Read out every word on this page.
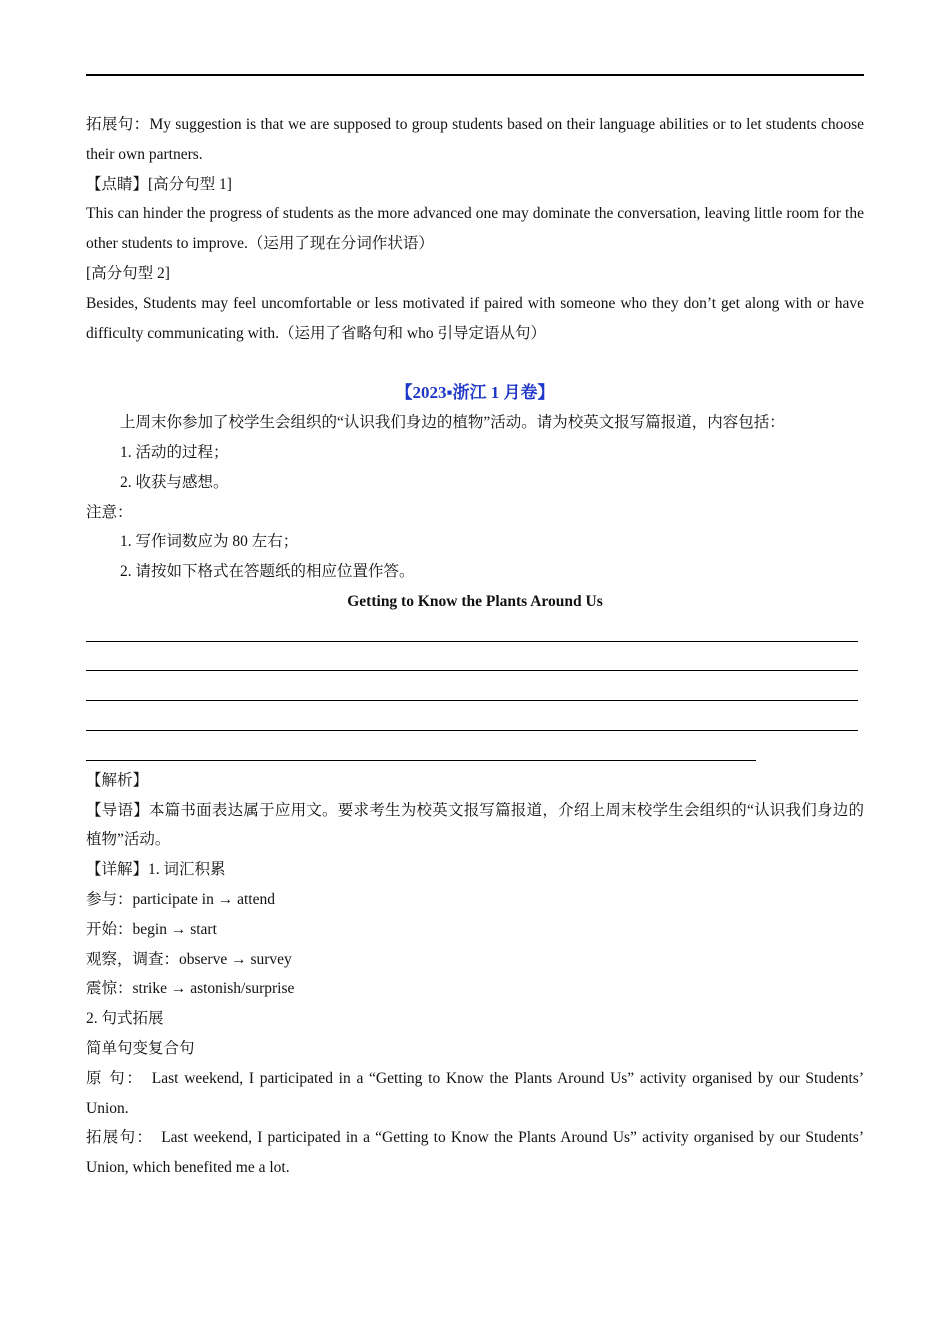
拓展句：My suggestion is that we are supposed to group students based on their language abilities or to let students choose their own partners.

【点睛】[高分句型 1]

This can hinder the progress of students as the more advanced one may dominate the conversation, leaving little room for the other students to improve.（运用了现在分词作状语）

[高分句型 2]

Besides, Students may feel uncomfortable or less motivated if paired with someone who they don’t get along with or have difficulty communicating with.（运用了省略句和 who 引导定语从句）

【2023▪浙江 1 月卷】

上周末你参加了校学生会组织的“认识我们身边的植物”活动。请为校英文报写篇报道，内容包括：

1. 活动的过程；

2. 收获与感想。

注意：

1. 写作词数应为 80 左右；

2. 请按如下格式在答题纸的相应位置作答。

Getting to Know the Plants Around Us

【解析】

【导语】本篇书面表达属于应用文。要求考生为校英文报写篇报道，介绍上周末校学生会组织的“认识我们身边的植物”活动。

【详解】1. 词汇积累

参与：participate in → attend

开始：begin → start

观察，调查：observe → survey

震惊：strike → astonish/surprise

2. 句式拓展

简单句变复合句

原 句： Last weekend, I participated in a “Getting to Know the Plants Around Us” activity organised by our Students’ Union.

拓展句： Last weekend, I participated in a “Getting to Know the Plants Around Us” activity organised by our Students’ Union, which benefited me a lot.
